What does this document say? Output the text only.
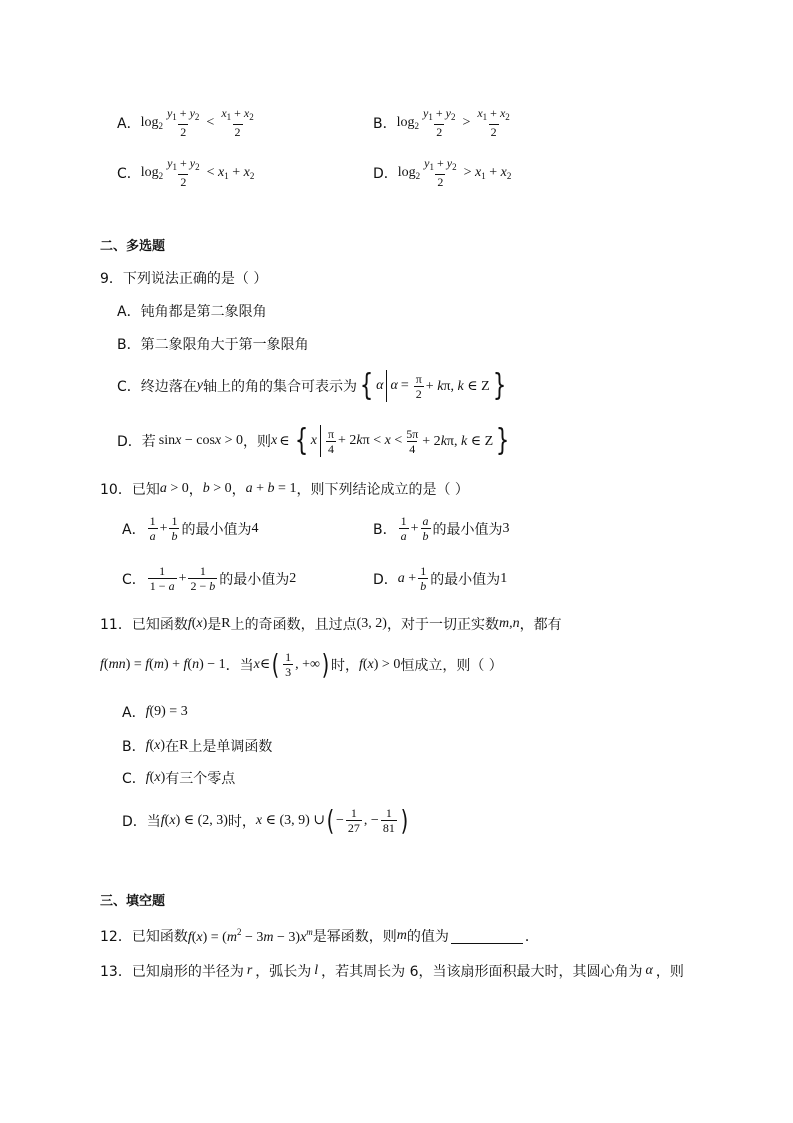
A． $\log_2 \frac{y_1 + y_2}{2} < \frac{x_1 + x_2}{2}$	B． $\log_2 \frac{y_1 + y_2}{2} > \frac{x_1 + x_2}{2}$
C． $\log_2 \frac{y_1 + y_2}{2} < x_1 + x_2$	D． $\log_2 \frac{y_1 + y_2}{2} > x_1 + x_2$
二、多选题
9．下列说法正确的是（ ）
A．钝角都是第二象限角
B．第二象限角大于第一象限角
C．终边落在 y 轴上的角的集合可表示为 { α $\alpha = \frac{\pi}{2} + k\pi$, k ∈ Z }
D．若 sinx − cosx > 0 ，则 x ∈ { x $\frac{\pi}{4} + 2k\pi < x < \frac{5\pi}{4} + 2k\pi$, k ∈ Z }
10．已知 a > 0 ， b > 0 ， a + b = 1 ，则下列结论成立的是（ ）
A． $\frac{1}{a} + \frac{1}{b}$ 的最小值为 4	B． $\frac{1}{a} + \frac{a}{b}$ 的最小值为 3
C． $\frac{1}{1 - a} + \frac{1}{2 - b}$ 的最小值为 2	D． $a + \frac{1}{b}$ 的最小值为 1
11．已知函数 f(x) 是 R 上的奇函数，且过点 (3, 2) ，对于一切正实数 m , n ，都有
f(mn) = f(m) + f(n) − 1 ．当 x ∈ ( $\frac{1}{3}$ , +∞ ) 时， f(x) > 0 恒成立，则（ ）
A． f(9) = 3
B． f(x) 在 R 上是单调函数
C． f(x) 有三个零点
D．当 f(x) ∈ (2, 3) 时， x ∈ (3, 9) ∪ ( − $\frac{1}{27}$ , − $\frac{1}{81}$ )
三、填空题
12．已知函数 $f(x) = (m^2 - 3m - 3)x^m$ 是幂函数，则 m 的值为	．
13．已知扇形的半径为 r ，弧长为 l ，若其周长为 6，当该扇形面积最大时，其圆心角为 α ，则
